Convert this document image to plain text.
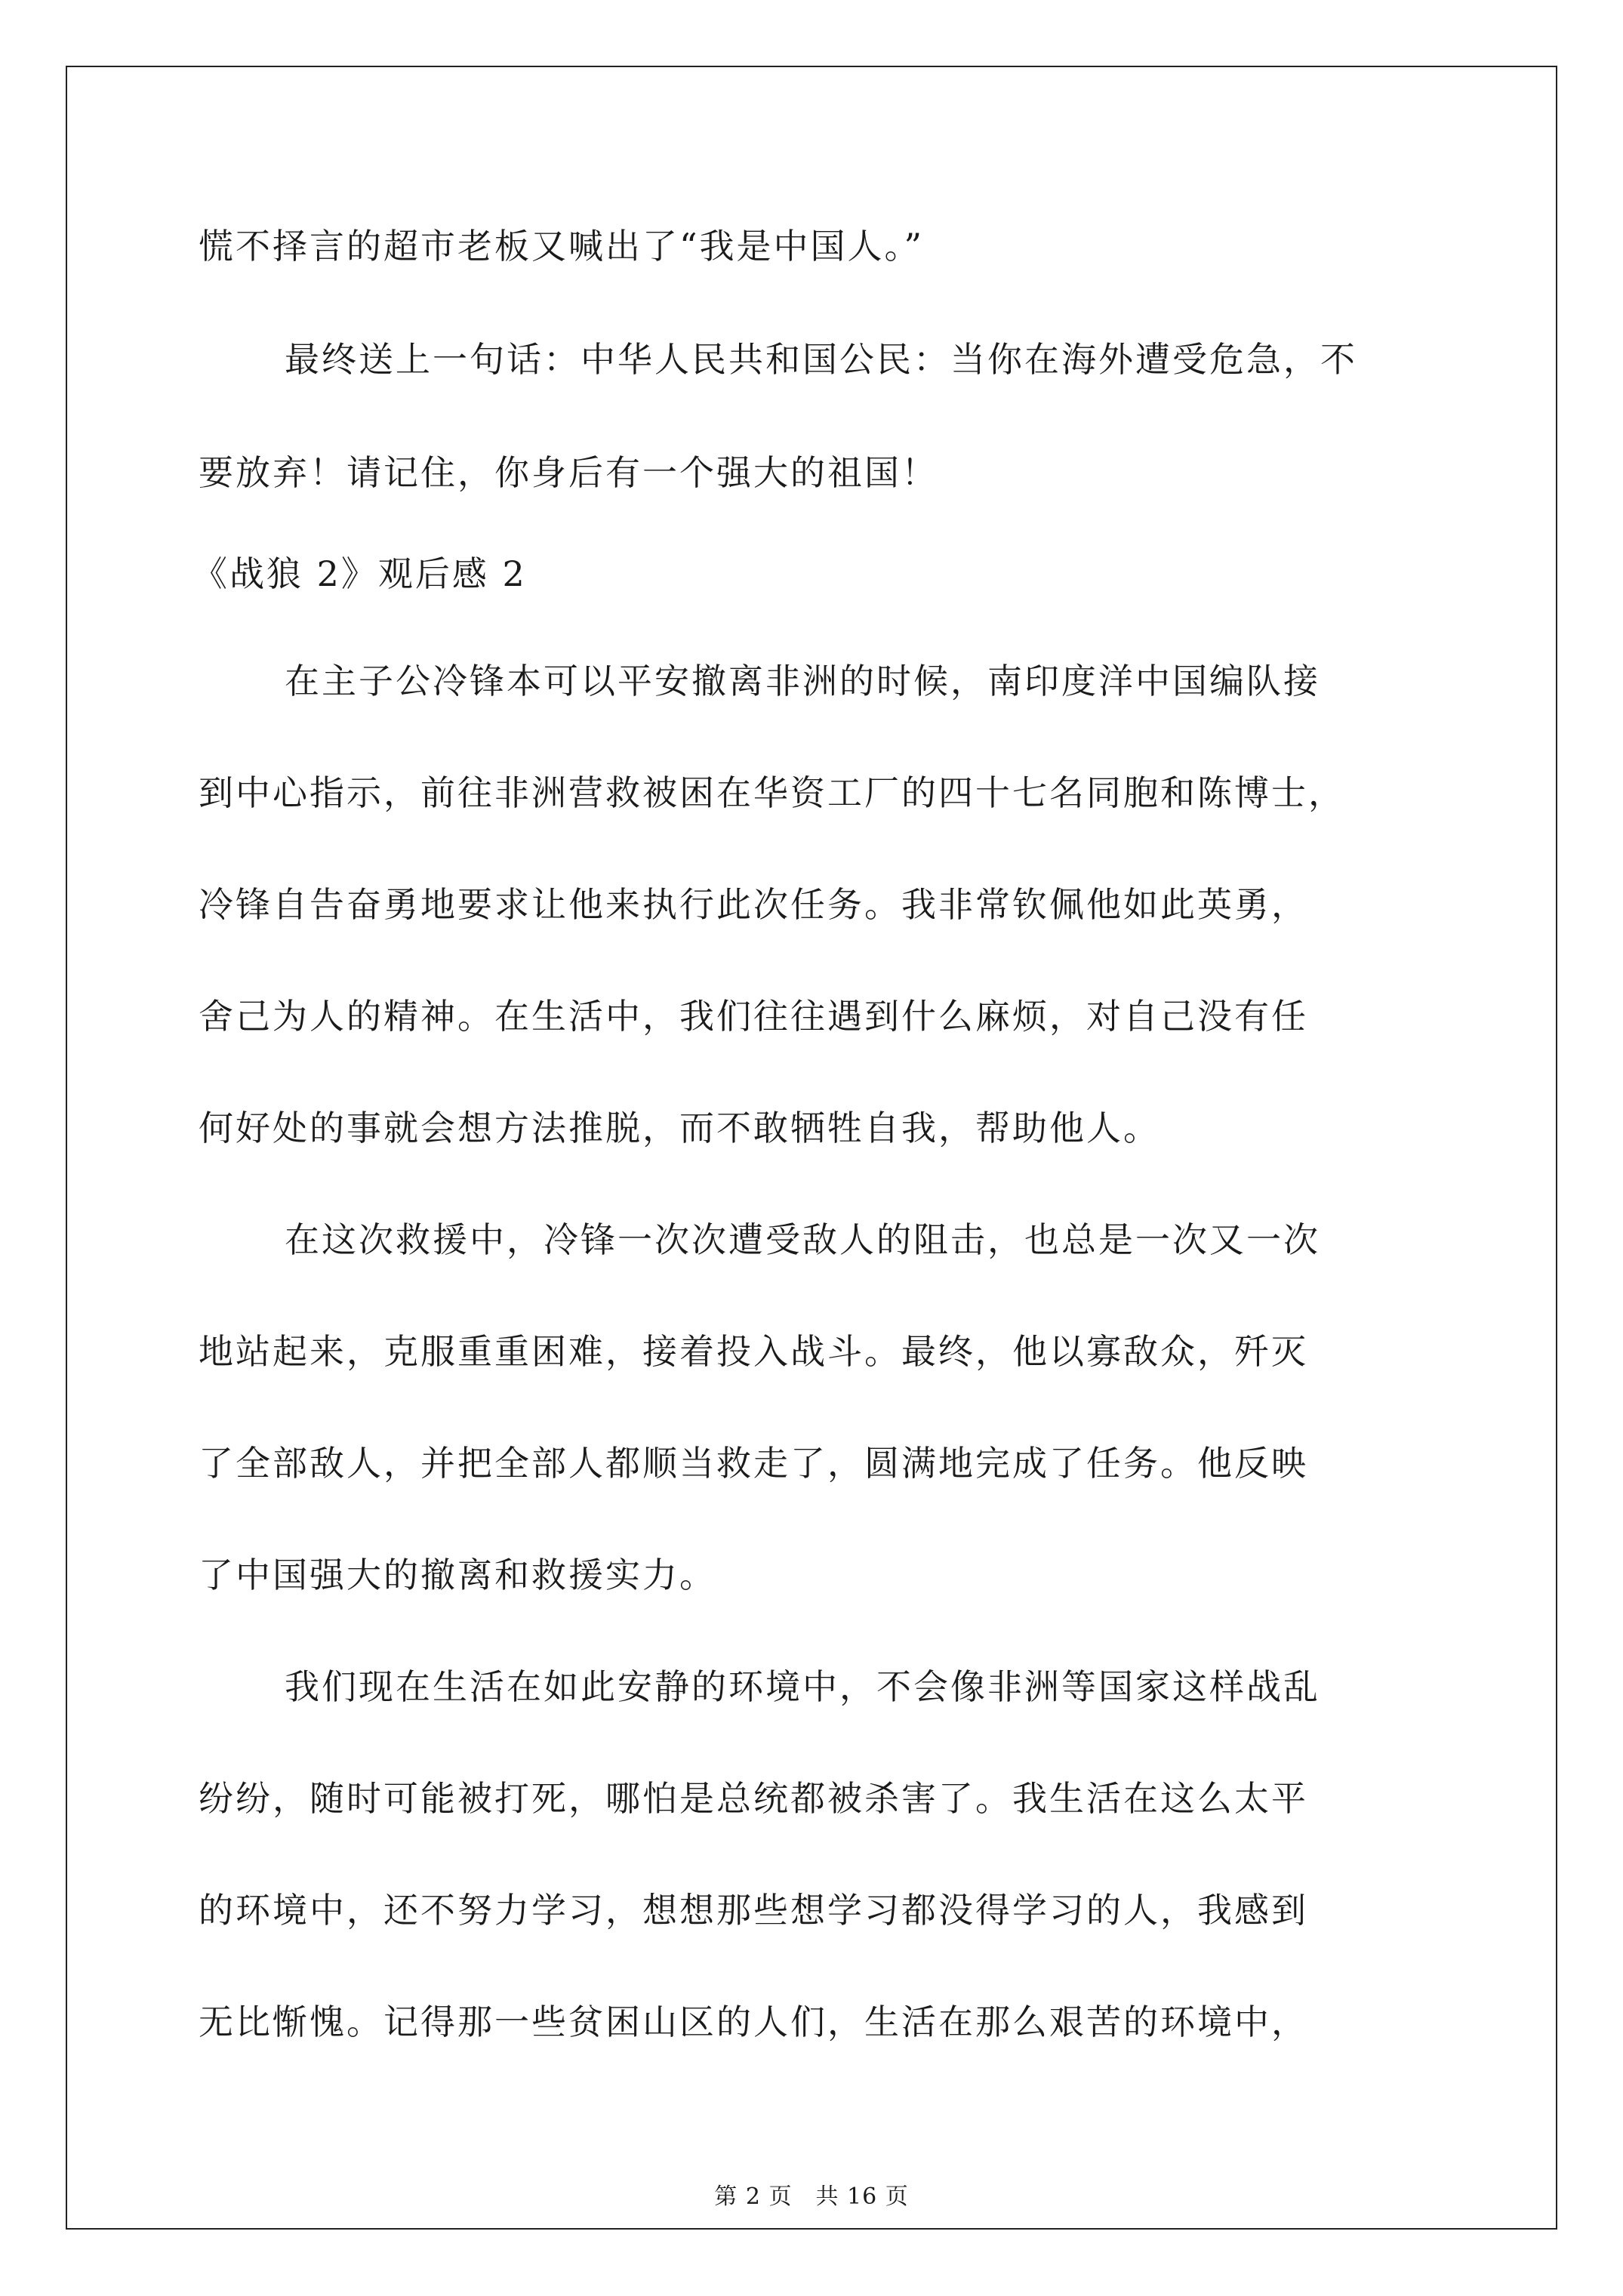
慌不择言的超市老板又喊出了“我是中国人。”
最终送上一句话：中华人民共和国公民：当你在海外遭受危急，不
要放弃！请记住，你身后有一个强大的祖国！
《战狼 2》观后感 2
在主子公冷锋本可以平安撤离非洲的时候，南印度洋中国编队接
到中心指示，前往非洲营救被困在华资工厂的四十七名同胞和陈博士，
冷锋自告奋勇地要求让他来执行此次任务。我非常钦佩他如此英勇，
舍己为人的精神。在生活中，我们往往遇到什么麻烦，对自己没有任
何好处的事就会想方法推脱，而不敢牺牲自我，帮助他人。
在这次救援中，冷锋一次次遭受敌人的阻击，也总是一次又一次
地站起来，克服重重困难，接着投入战斗。最终，他以寡敌众，歼灭
了全部敌人，并把全部人都顺当救走了，圆满地完成了任务。他反映
了中国强大的撤离和救援实力。
我们现在生活在如此安静的环境中，不会像非洲等国家这样战乱
纷纷，随时可能被打死，哪怕是总统都被杀害了。我生活在这么太平
的环境中，还不努力学习，想想那些想学习都没得学习的人，我感到
无比惭愧。记得那一些贫困山区的人们，生活在那么艰苦的环境中，
第 2 页　共 16 页
